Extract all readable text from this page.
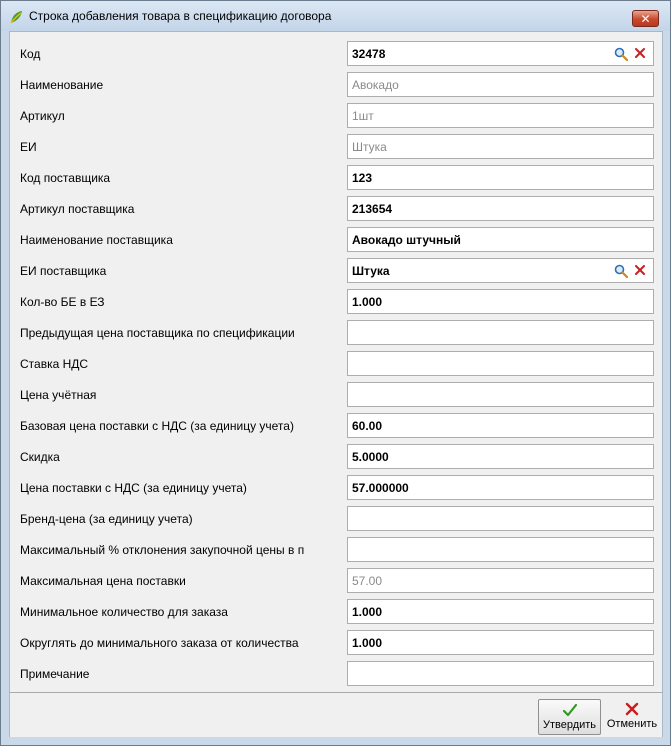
Строка добавления товара в спецификацию договора	✕
Код	32478
Наименование	Авокадо
Артикул	1шт
ЕИ	Штука
Код поставщика	123
Артикул поставщика	213654
Наименование поставщика	Авокадо штучный
ЕИ поставщика	Штука
Кол-во БЕ в ЕЗ	1.000
Предыдущая цена поставщика по спецификации
Ставка НДС
Цена учётная
Базовая цена поставки с НДС (за единицу учета)	60.00
Скидка	5.0000
Цена поставки с НДС (за единицу учета)	57.000000
Бренд-цена (за единицу учета)
Максимальный % отклонения закупочной цены в п
Максимальная цена поставки	57.00
Минимальное количество для заказа	1.000
Округлять до минимального заказа от количества	1.000
Примечание
Утвердить Отменить
